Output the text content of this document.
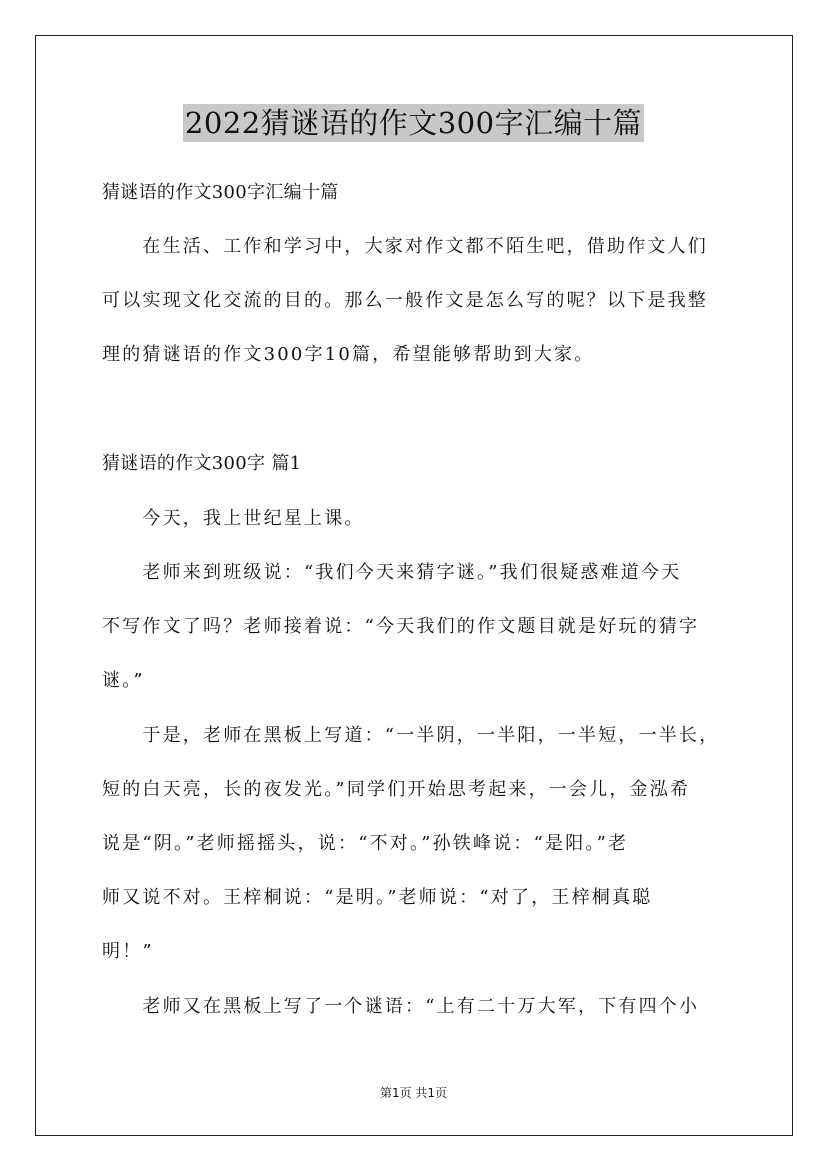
2022猜谜语的作文300字汇编十篇

猜谜语的作文300字汇编十篇

　　在生活、工作和学习中，大家对作文都不陌生吧，借助作文人们

可以实现文化交流的目的。那么一般作文是怎么写的呢？以下是我整

理的猜谜语的作文300字10篇，希望能够帮助到大家。

猜谜语的作文300字 篇1

　　今天，我上世纪星上课。

　　老师来到班级说：“我们今天来猜字谜。”我们很疑惑难道今天

不写作文了吗？老师接着说：“今天我们的作文题目就是好玩的猜字

谜。”

　　于是，老师在黑板上写道：“一半阴，一半阳，一半短，一半长，

短的白天亮，长的夜发光。”同学们开始思考起来，一会儿，金泓希

说是“阴。”老师摇摇头，说：“不对。”孙铁峰说：“是阳。”老

师又说不对。王梓桐说：“是明。”老师说：“对了，王梓桐真聪

明！”

　　老师又在黑板上写了一个谜语：“上有二十万大军，下有四个小

第1页 共1页
